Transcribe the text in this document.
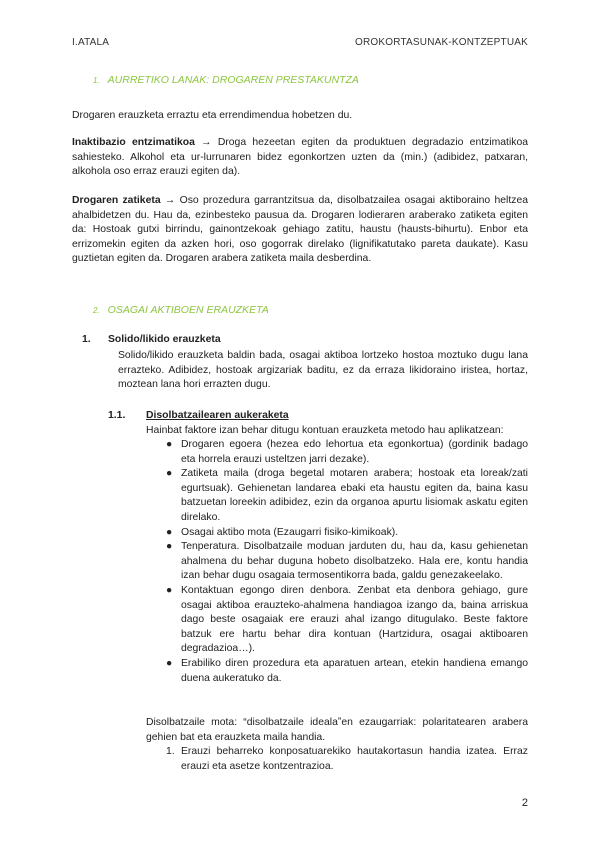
I.ATALA	OROKORTASUNAK-KONTZEPTUAK
1. AURRETIKO LANAK: DROGAREN PRESTAKUNTZA

Drogaren erauzketa erraztu eta errendimendua hobetzen du.

Inaktibazio entzimatikoa → Droga hezeetan egiten da produktuen degradazio entzimatikoa sahiesteko. Alkohol eta ur-lurrunaren bidez egonkortzen uzten da (min.) (adibidez, patxaran, alkohola oso erraz erauzi egiten da).

Drogaren zatiketa → Oso prozedura garrantzitsua da, disolbatzailea osagai aktiboraino heltzea ahalbidetzen du. Hau da, ezinbesteko pausua da. Drogaren lodieraren araberako zatiketa egiten da: Hostoak gutxi birrindu, gainontzekoak gehiago zatitu, haustu (hausts-bihurtu). Enbor eta errizomekin egiten da azken hori, oso gogorrak direlako (lignifikatutako pareta daukate). Kasu guztietan egiten da. Drogaren arabera zatiketa maila desberdina.

2. OSAGAI AKTIBOEN ERAUZKETA
1. Solido/likido erauzketa

Solido/likido erauzketa baldin bada, osagai aktiboa lortzeko hostoa moztuko dugu lana errazteko. Adibidez, hostoak argizariak baditu, ez da erraza likidoraino iristea, hortaz, moztean lana hori errazten dugu.

1.1. Disolbatzailearen aukeraketa

Hainbat faktore izan behar ditugu kontuan erauzketa metodo hau aplikatzean:

● Drogaren egoera (hezea edo lehortua eta egonkortua) (gordinik badago eta horrela erauzi usteltzen jarri dezake).
● Zatiketa maila (droga begetal motaren arabera; hostoak eta loreak/zati egurtsuak). Gehienetan landarea ebaki eta haustu egiten da, baina kasu batzuetan loreekin adibidez, ezin da organoa apurtu lisiomak askatu egiten direlako.
● Osagai aktibo mota (Ezaugarri fisiko-kimikoak).
● Tenperatura. Disolbatzaile moduan jarduten du, hau da, kasu gehienetan ahalmena du behar duguna hobeto disolbatzeko. Hala ere, kontu handia izan behar dugu osagaia termosentikorra bada, galdu genezakeelako.
● Kontaktuan egongo diren denbora. Zenbat eta denbora gehiago, gure osagai aktiboa erauzteko-ahalmena handiagoa izango da, baina arriskua dago beste osagaiak ere erauzi ahal izango ditugulako. Beste faktore batzuk ere hartu behar dira kontuan (Hartzidura, osagai aktiboaren degradazioa…).
● Erabiliko diren prozedura eta aparatuen artean, etekin handiena emango duena aukeratuko da.

Disolbatzaile mota: “disolbatzaile idealaˮen ezaugarriak: polaritatearen arabera gehien bat eta erauzketa maila handia.

1. Erauzi beharreko konposatuarekiko hautakortasun handia izatea. Erraz erauzi eta asetze kontzentrazioa.
2
